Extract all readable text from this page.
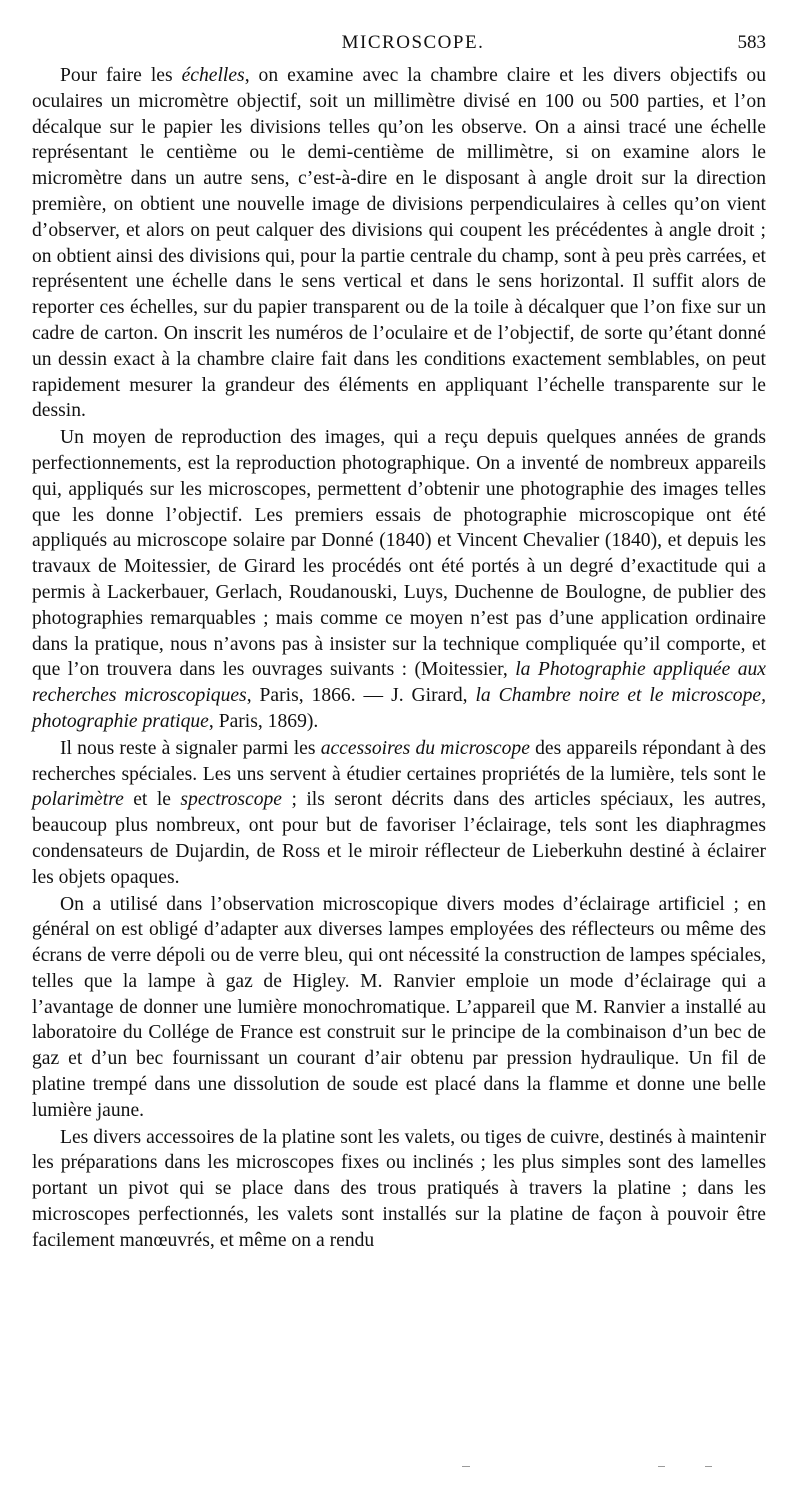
MICROSCOPE.	583

Pour faire les échelles, on examine avec la chambre claire et les divers objectifs ou oculaires un micromètre objectif, soit un millimètre divisé en 100 ou 500 parties, et l’on décalque sur le papier les divisions telles qu’on les observe. On a ainsi tracé une échelle représentant le centième ou le demi-centième de millimètre, si on examine alors le micromètre dans un autre sens, c’est-à-dire en le disposant à angle droit sur la direction première, on obtient une nouvelle image de divisions perpendiculaires à celles qu’on vient d’observer, et alors on peut calquer des divisions qui coupent les précédentes à angle droit ; on obtient ainsi des divisions qui, pour la partie centrale du champ, sont à peu près carrées, et représentent une échelle dans le sens vertical et dans le sens horizontal. Il suffit alors de reporter ces échelles, sur du papier transparent ou de la toile à décalquer que l’on fixe sur un cadre de carton. On inscrit les numéros de l’oculaire et de l’objectif, de sorte qu’étant donné un dessin exact à la chambre claire fait dans les conditions exactement semblables, on peut rapidement mesurer la grandeur des éléments en appliquant l’échelle transparente sur le dessin.

Un moyen de reproduction des images, qui a reçu depuis quelques années de grands perfectionnements, est la reproduction photographique. On a inventé de nombreux appareils qui, appliqués sur les microscopes, permettent d’obtenir une photographie des images telles que les donne l’objectif. Les premiers essais de photographie microscopique ont été appliqués au microscope solaire par Donné (1840) et Vincent Chevalier (1840), et depuis les travaux de Moitessier, de Girard les procédés ont été portés à un degré d’exactitude qui a permis à Lackerbauer, Gerlach, Roudanouski, Luys, Duchenne de Boulogne, de publier des photographies remarquables ; mais comme ce moyen n’est pas d’une application ordinaire dans la pratique, nous n’avons pas à insister sur la technique compliquée qu’il comporte, et que l’on trouvera dans les ouvrages suivants : (Moitessier, la Photographie appliquée aux recherches microscopiques, Paris, 1866. — J. Girard, la Chambre noire et le microscope, photographie pratique, Paris, 1869).

Il nous reste à signaler parmi les accessoires du microscope des appareils répondant à des recherches spéciales. Les uns servent à étudier certaines propriétés de la lumière, tels sont le polarimètre et le spectroscope ; ils seront décrits dans des articles spéciaux, les autres, beaucoup plus nombreux, ont pour but de favoriser l’éclairage, tels sont les diaphragmes condensateurs de Dujardin, de Ross et le miroir réflecteur de Lieberkuhn destiné à éclairer les objets opaques.

On a utilisé dans l’observation microscopique divers modes d’éclairage artificiel ; en général on est obligé d’adapter aux diverses lampes employées des réflecteurs ou même des écrans de verre dépoli ou de verre bleu, qui ont nécessité la construction de lampes spéciales, telles que la lampe à gaz de Higley. M. Ranvier emploie un mode d’éclairage qui a l’avantage de donner une lumière monochromatique. L’appareil que M. Ranvier a installé au laboratoire du Collége de France est construit sur le principe de la combinaison d’un bec de gaz et d’un bec fournissant un courant d’air obtenu par pression hydraulique. Un fil de platine trempé dans une dissolution de soude est placé dans la flamme et donne une belle lumière jaune.

Les divers accessoires de la platine sont les valets, ou tiges de cuivre, destinés à maintenir les préparations dans les microscopes fixes ou inclinés ; les plus simples sont des lamelles portant un pivot qui se place dans des trous pratiqués à travers la platine ; dans les microscopes perfectionnés, les valets sont installés sur la platine de façon à pouvoir être facilement manœuvrés, et même on a rendu
